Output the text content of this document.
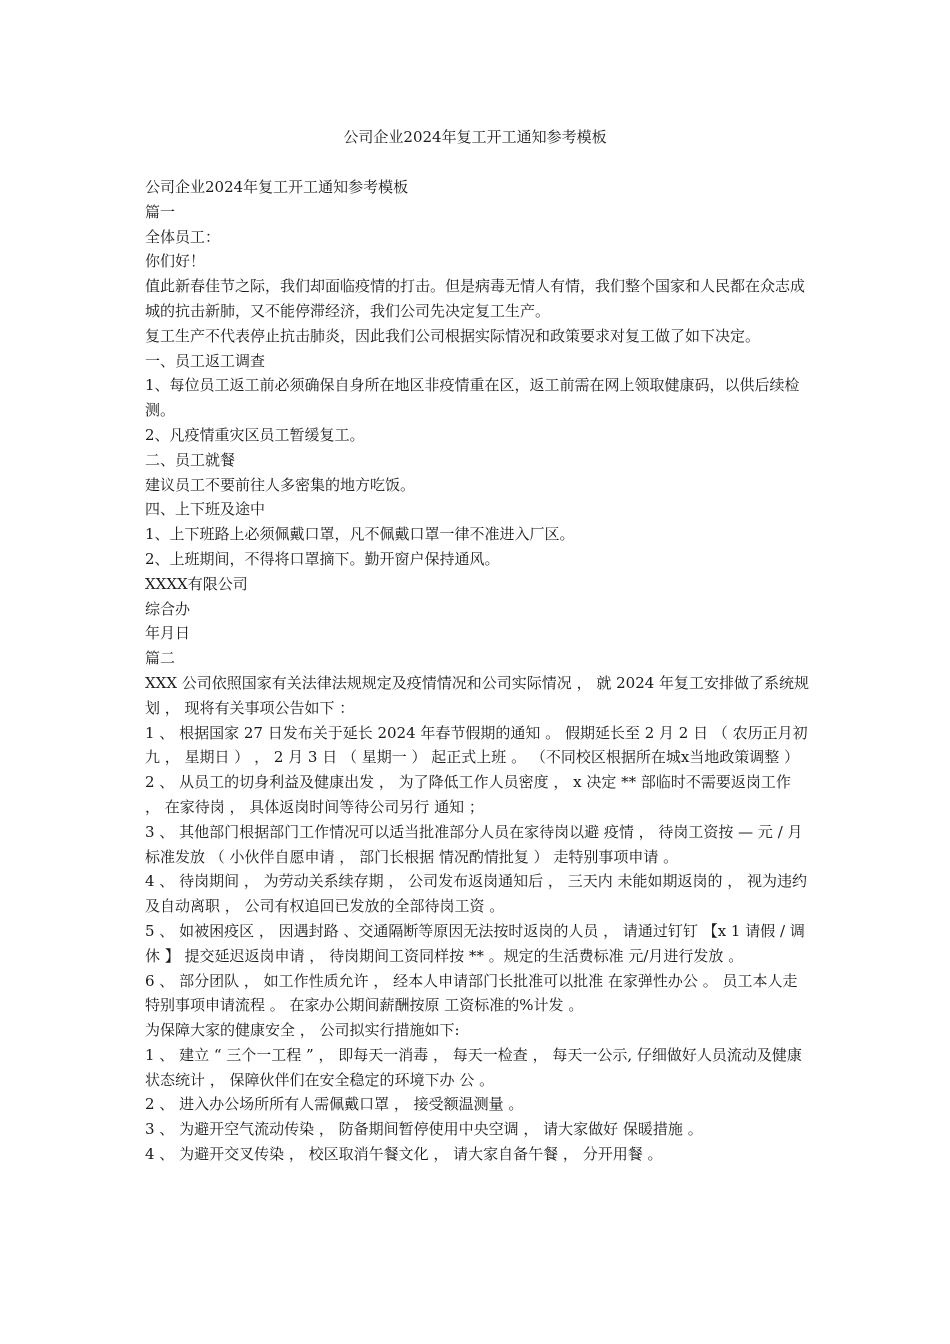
公司企业2024年复工开工通知参考模板

公司企业2024年复工开工通知参考模板

篇一

全体员工：

你们好！

值此新春佳节之际，我们却面临疫情的打击。但是病毒无情人有情，我们整个国家和人民都在众志成城的抗击新肺，又不能停滞经济，我们公司先决定复工生产。

复工生产不代表停止抗击肺炎，因此我们公司根据实际情况和政策要求对复工做了如下决定。

一、员工返工调查

1、每位员工返工前必须确保自身所在地区非疫情重在区，返工前需在网上领取健康码，以供后续检测。

2、凡疫情重灾区员工暂缓复工。

二、员工就餐

建议员工不要前往人多密集的地方吃饭。

四、上下班及途中

1、上下班路上必须佩戴口罩，凡不佩戴口罩一律不准进入厂区。

2、上班期间，不得将口罩摘下。勤开窗户保持通风。

XXXX有限公司

综合办

年月日

篇二

XXX 公司依照国家有关法律法规规定及疫情情况和公司实际情况 ， 就 2024 年复工安排做了系统规划 ， 现将有关事项公告如下 ：

1 、 根据国家 27 日发布关于延长 2024 年春节假期的通知 。 假期延长至 2 月 2 日 （ 农历正月初九 ， 星期日 ） ， 2 月 3 日 （ 星期一 ） 起正式上班 。 （不同校区根据所在城x当地政策调整 ）

2 、 从员工的切身利益及健康出发 ， 为了降低工作人员密度 ， x 决定 ** 部临时不需要返岗工作 ， 在家待岗 ， 具体返岗时间等待公司另行 通知 ；

3 、 其他部门根据部门工作情况可以适当批准部分人员在家待岗以避 疫情 ， 待岗工资按 — 元 / 月标准发放 （ 小伙伴自愿申请 ， 部门长根据 情况酌情批复 ） 走特别事项申请 。

4 、 待岗期间 ， 为劳动关系续存期 ， 公司发布返岗通知后 ， 三天内 未能如期返岗的 ， 视为违约及自动离职 ， 公司有权追回已发放的全部待岗工资 。

5 、 如被困疫区 ， 因遇封路 、交通隔断等原因无法按时返岗的人员 ， 请通过钉钉 【x 1 请假 / 调休 】 提交延迟返岗申请 ， 待岗期间工资同样按 ** 。规定的生活费标准 元/月进行发放 。

6 、 部分团队 ， 如工作性质允许 ， 经本人申请部门长批准可以批准 在家弹性办公 。 员工本人走特别事项申请流程 。 在家办公期间薪酬按原 工资标准的%计发 。

为保障大家的健康安全 ， 公司拟实行措施如下:

1 、 建立 “ 三个一工程 ” ， 即每天一消毒 ， 每天一检查 ， 每天一公示, 仔细做好人员流动及健康状态统计 ， 保障伙伴们在安全稳定的环境下办 公 。

2 、 进入办公场所所有人需佩戴口罩 ， 接受额温测量 。

3 、 为避开空气流动传染 ， 防备期间暂停使用中央空调 ， 请大家做好 保暖措施 。

4 、 为避开交叉传染 ， 校区取消午餐文化 ， 请大家自备午餐 ， 分开用餐 。
